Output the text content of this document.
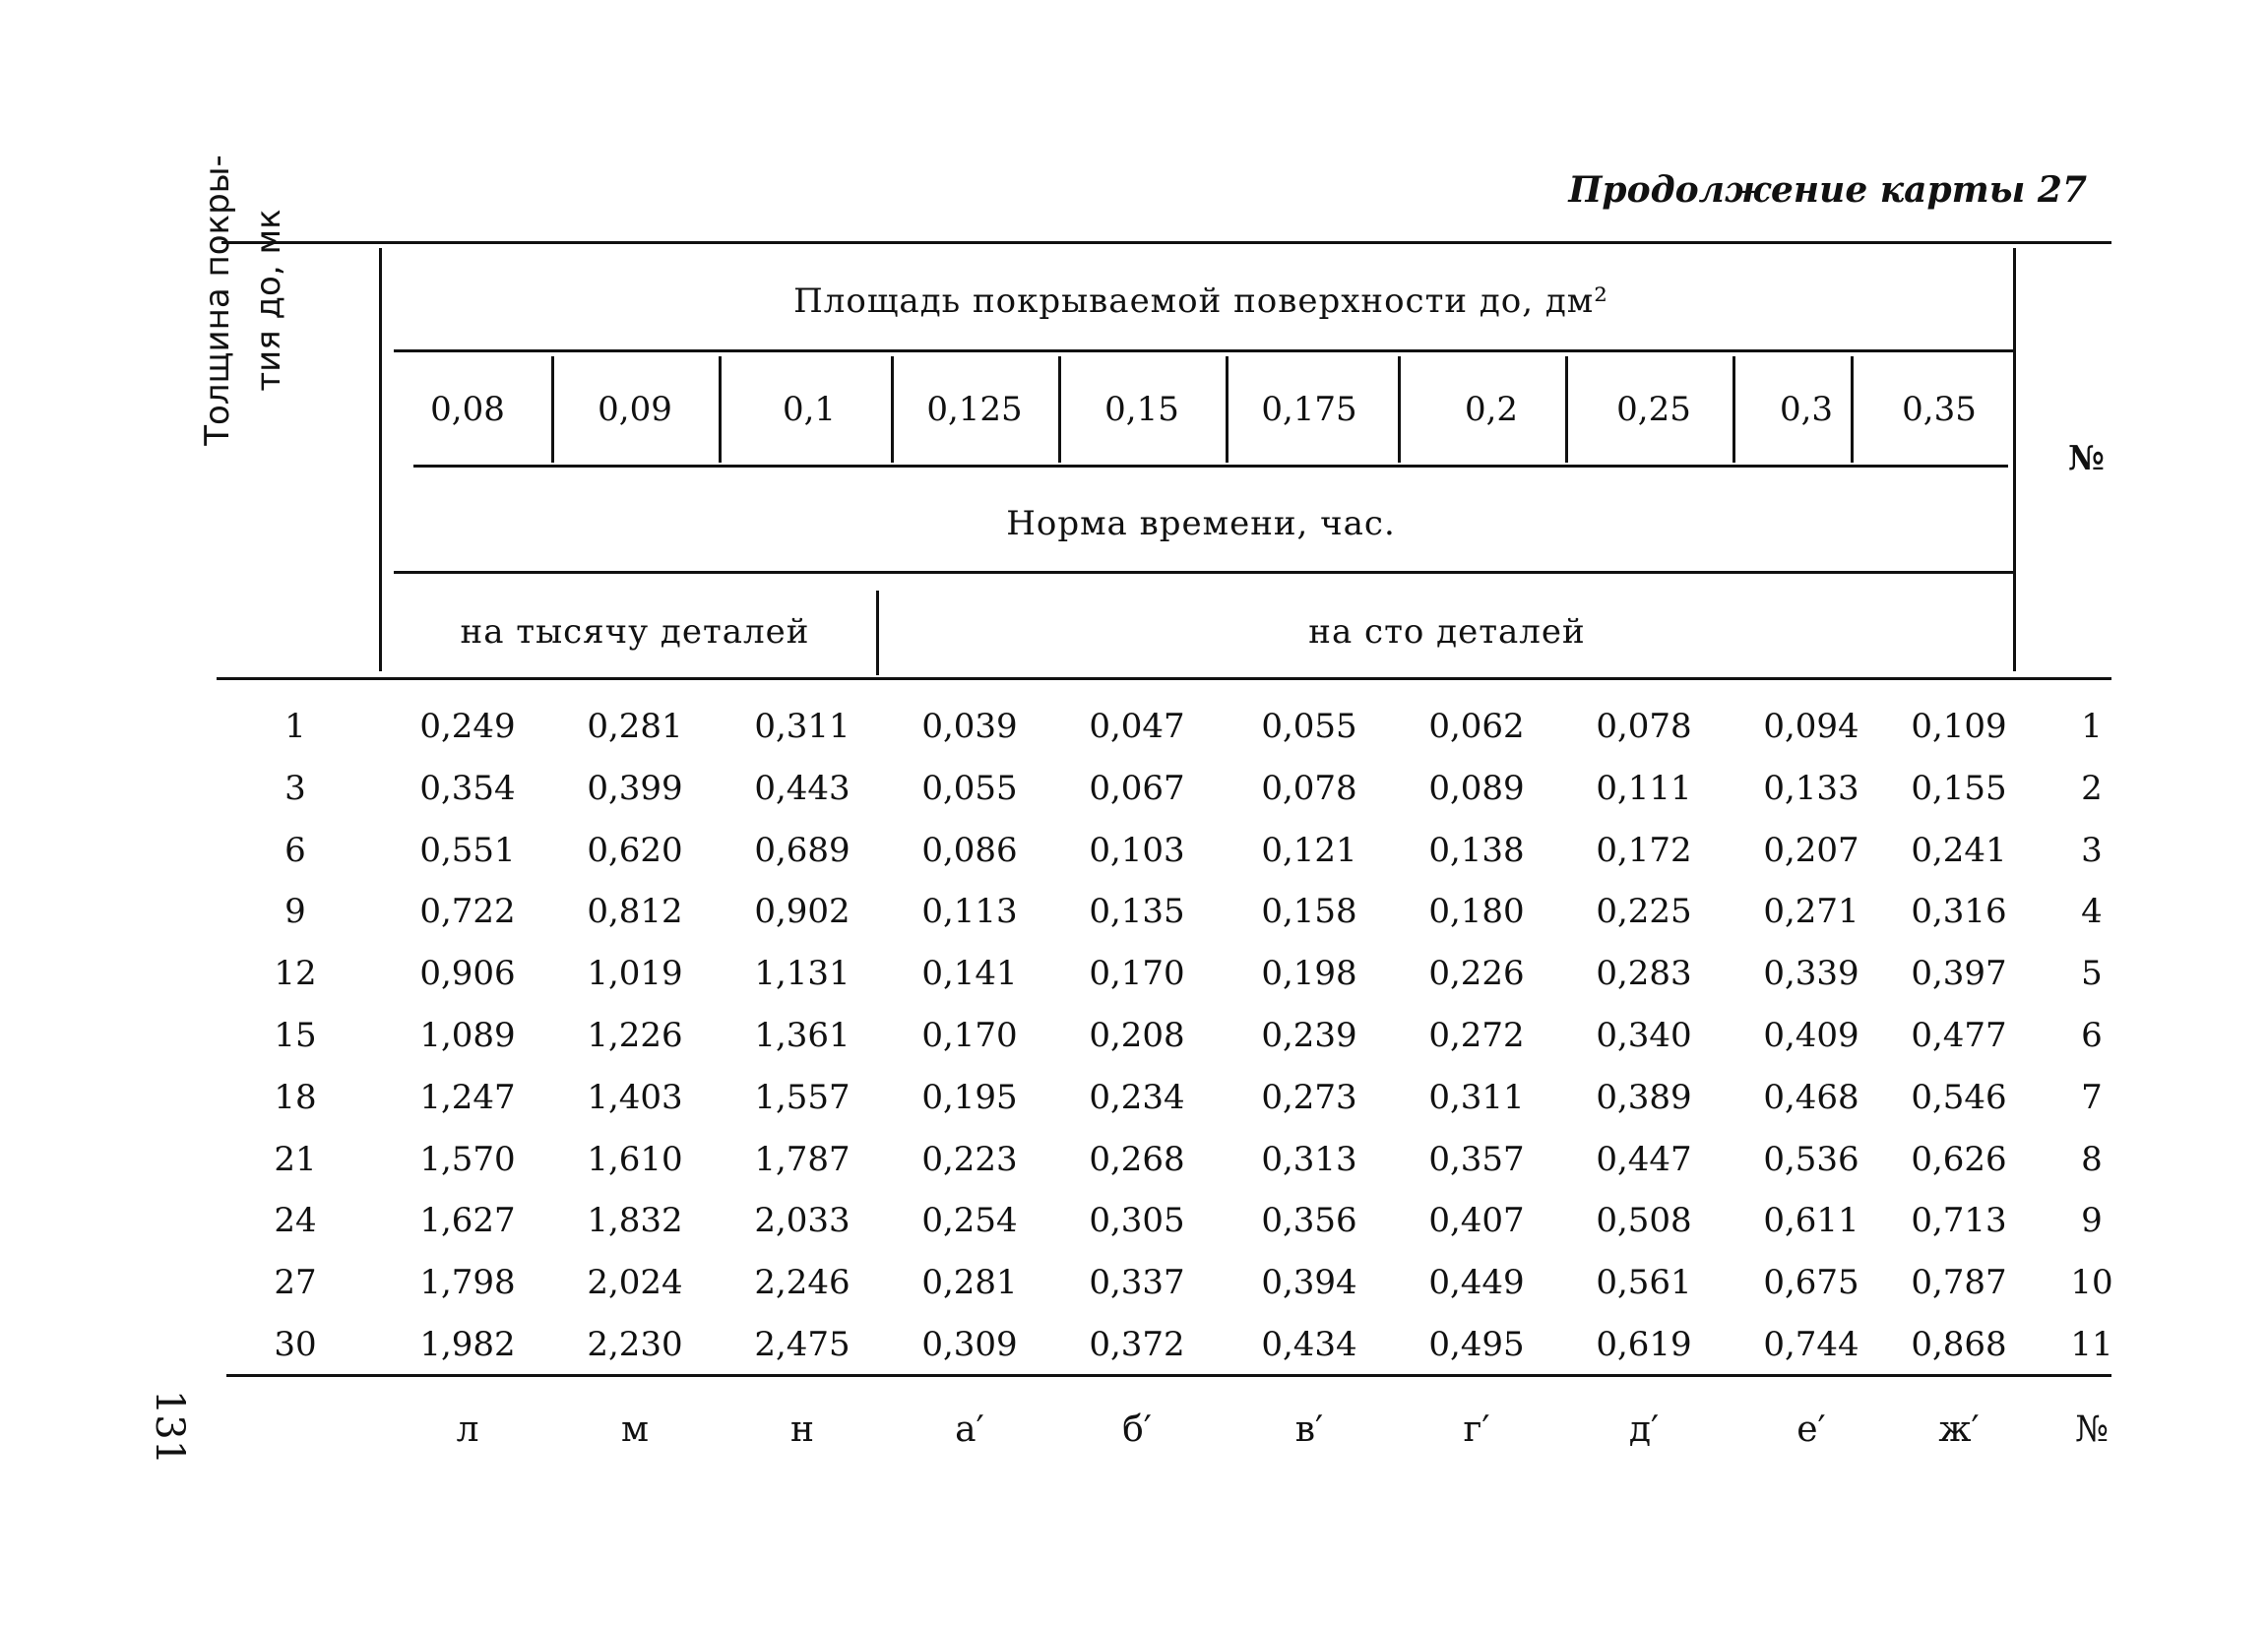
Продолжение карты 27
Толщина покры- тия до, мк	Площадь покрываемой поверхности до, дм²
0,08	0,09	0,1	0,125	0,15	0,175	0,2	0,25	0,3	0,35
Норма времени, час.
на тысячу деталей	на сто деталей
№
1	0,249	0,281	0,311	0,039	0,047	0,055	0,062	0,078	0,094	0,109	1
3	0,354	0,399	0,443	0,055	0,067	0,078	0,089	0,111	0,133	0,155	2
6	0,551	0,620	0,689	0,086	0,103	0,121	0,138	0,172	0,207	0,241	3
9	0,722	0,812	0,902	0,113	0,135	0,158	0,180	0,225	0,271	0,316	4
12	0,906	1,019	1,131	0,141	0,170	0,198	0,226	0,283	0,339	0,397	5
15	1,089	1,226	1,361	0,170	0,208	0,239	0,272	0,340	0,409	0,477	6
18	1,247	1,403	1,557	0,195	0,234	0,273	0,311	0,389	0,468	0,546	7
21	1,570	1,610	1,787	0,223	0,268	0,313	0,357	0,447	0,536	0,626	8
24	1,627	1,832	2,033	0,254	0,305	0,356	0,407	0,508	0,611	0,713	9
27	1,798	2,024	2,246	0,281	0,337	0,394	0,449	0,561	0,675	0,787	10
30	1,982	2,230	2,475	0,309	0,372	0,434	0,495	0,619	0,744	0,868	11
л	м	н	а′	б′	в′	г′	д′	е′	ж′	№
131
